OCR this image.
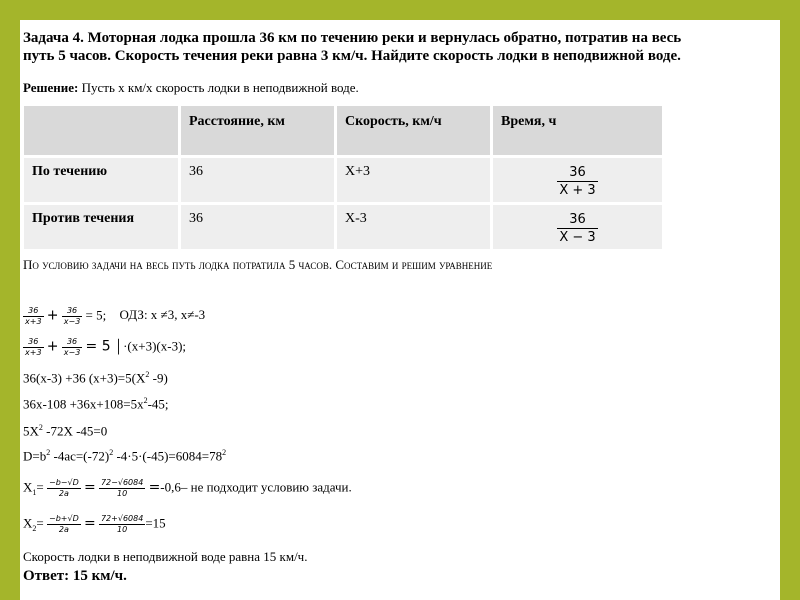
Задача 4. Моторная лодка прошла 36 км по течению реки и вернулась обратно, потратив на весь путь 5 часов. Скорость течения реки равна 3 км/ч. Найдите скорость лодки в неподвижной воде.
Решение: Пусть х км/х скорость лодки в неподвижной воде.
	Расстояние, км	Скорость, км/ч	Время, ч
По течению	36	X+3	$\frac{36}{X + 3}$

Против течения	36	X-3	$\frac{36}{X - 3}$
По условию задачи на весь путь лодка потратила 5 часов. Составим и решим уравнение
$\frac{36}{x+3} + \frac{36}{x-3} = 5$; ОДЗ: х ≠3, х≠-3
$\frac{36}{x+3} + \frac{36}{x-3} = 5$ │·(х+3)(х-3);
36(х-3) +36 $(х+3)=5(Х^2$ -9)
$36х-108 +36х+108=5х^2-45$;
$5Х^2$ -72Х -45=0
$D=b^2$ $-4ac=(-72)^2$ $-4\cdot 5\cdot(-45)=6084=78^2$
$Х_1= \frac{-b-√D}{2a} = \frac{72-√6084}{10} =-0,6-$ не подходит условию задачи.
$Х_2= \frac{-b+√D}{2a} = \frac{72+√6084}{10} =15$
Скорость лодки в неподвижной воде равна 15 км/ч.
Ответ: 15 км/ч.
